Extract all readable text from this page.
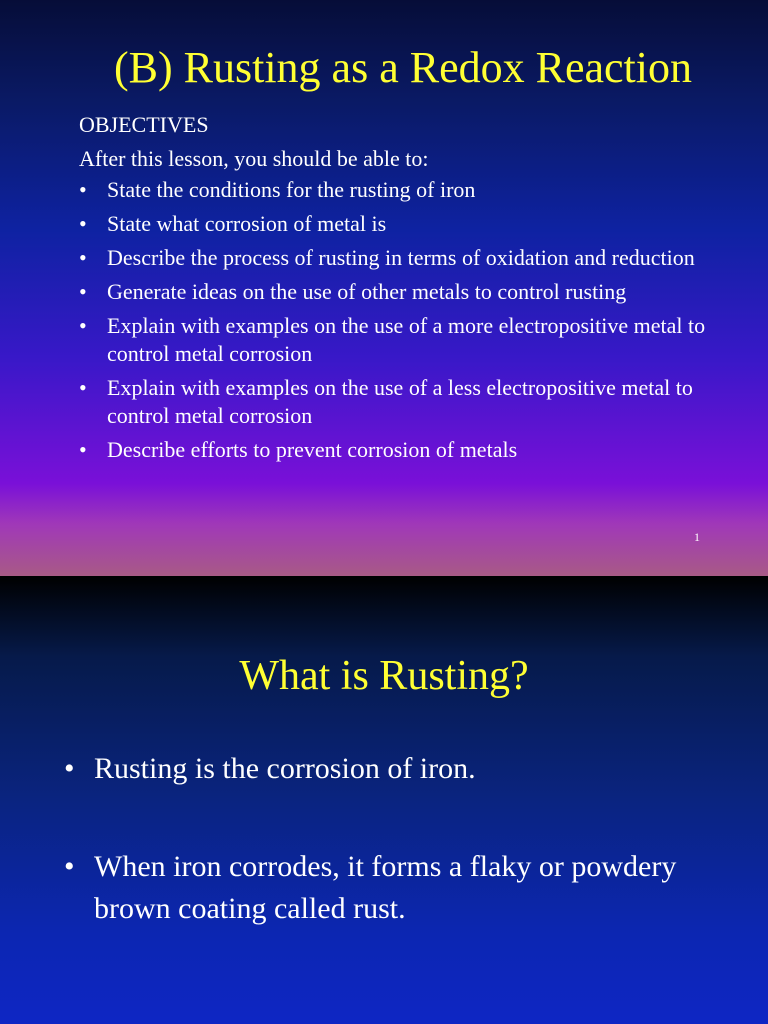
(B) Rusting as a Redox Reaction

OBJECTIVES

After this lesson, you should be able to:

• State the conditions for the rusting of iron
• State what corrosion of metal is
• Describe the process of rusting in terms of oxidation and reduction
• Generate ideas on the use of other metals to control rusting
• Explain with examples on the use of a more electropositive metal to control metal corrosion
• Explain with examples on the use of a less electropositive metal to control metal corrosion
• Describe efforts to prevent corrosion of metals
1
What is Rusting?
• Rusting is the corrosion of iron.
• When iron corrodes, it forms a flaky or powdery brown coating called rust.
